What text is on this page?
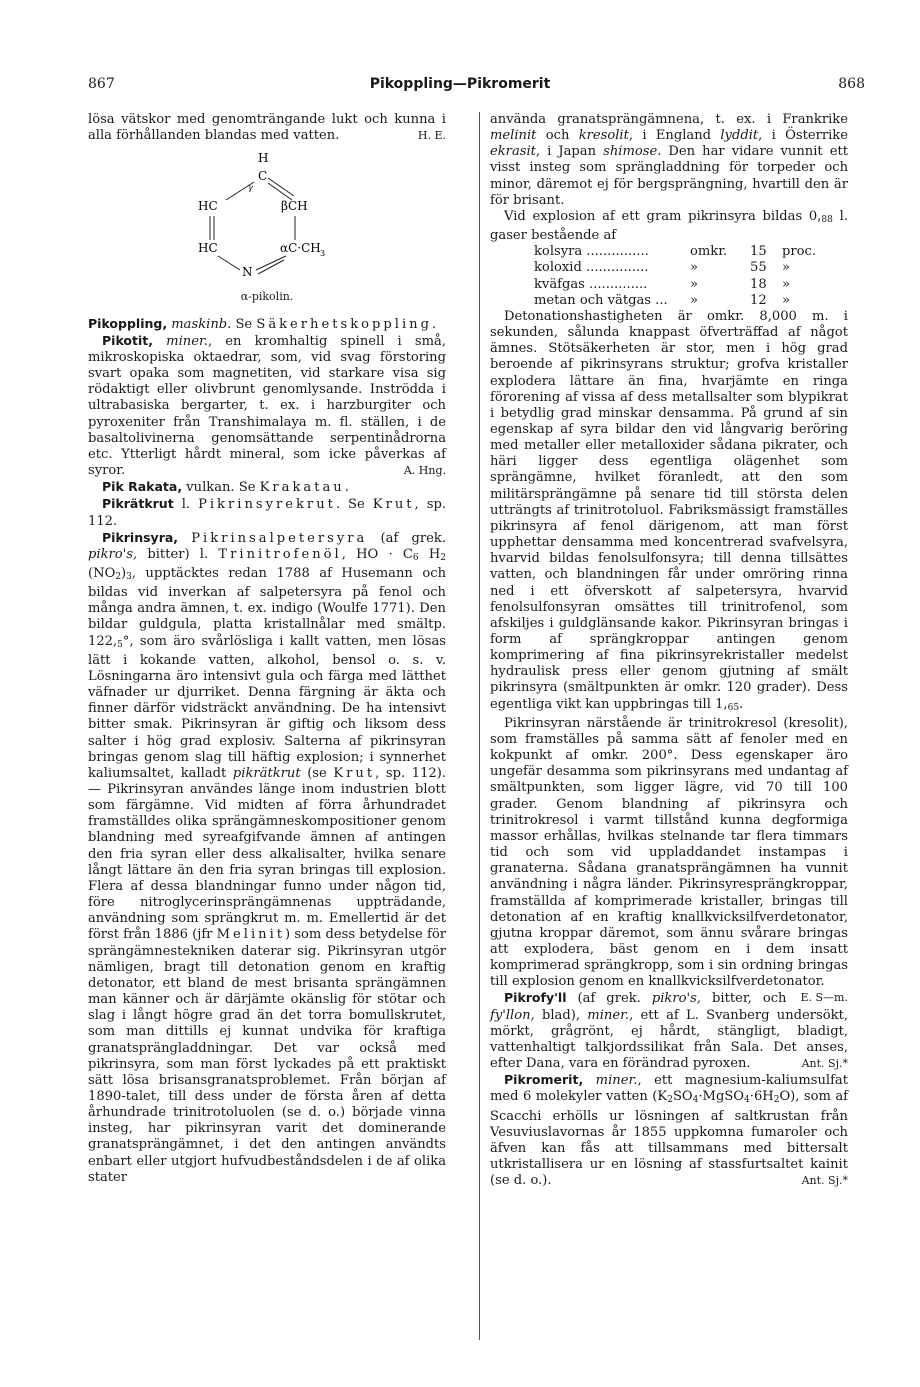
867	Pikoppling—Pikromerit	868

lösa vätskor med genomträngande lukt och kunna i alla förhållanden blandas med vatten.	H. E.

H
C
γ
HC	βCH
HC	αC·CH 3
N
α-pikolin.

Pikoppling, maskinb. Se Säkerhetskoppling.

Pikotit, miner., en kromhaltig spinell i små, mikroskopiska oktaedrar, som, vid svag förstoring svart opaka som magnetiten, vid starkare visa sig rödaktigt eller olivbrunt genomlysande. Inströdda i ultrabasiska bergarter, t. ex. i harzburgiter och pyroxeniter från Transhimalaya m. fl. ställen, i de basaltolivinerna genomsättande serpentinådrorna etc. Ytterligt hårdt mineral, som icke påverkas af syror.	A. Hng.

Pik Rakata, vulkan. Se Krakatau.

Pikrätkrut l. Pikrinsyrekrut. Se Krut, sp. 112.

Pikrinsyra, Pikrinsalpetersyra (af grek. pikro's, bitter) l. Trinitrofenöl, HO · $C_6$ $H_2$ $(NO_2)_3$, upptäcktes redan 1788 af Husemann och bildas vid inverkan af salpetersyra på fenol och många andra ämnen, t. ex. indigo (Woulfe 1771). Den bildar guldgula, platta kristallnålar med smältp. $122,_5^\circ$, som äro svårlösliga i kallt vatten, men lösas lätt i kokande vatten, alkohol, bensol o. s. v. Lösningarna äro intensivt gula och färga med lätthet väfnader ur djurriket. Denna färgning är äkta och finner därför vidsträckt användning. De ha intensivt bitter smak. Pikrinsyran är giftig och liksom dess salter i hög grad explosiv. Salterna af pikrinsyran bringas genom slag till häftig explosion; i synnerhet kaliumsaltet, kalladt pikrätkrut (se Krut, sp. 112). — Pikrinsyran användes länge inom industrien blott som färgämne. Vid midten af förra århundradet framställdes olika sprängämneskompositioner genom blandning med syreafgifvande ämnen af antingen den fria syran eller dess alkalisalter, hvilka senare långt lättare än den fria syran bringas till explosion. Flera af dessa blandningar funno under någon tid, före nitroglycerinsprängämnenas uppträdande, användning som sprängkrut m. m. Emellertid är det först från 1886 (jfr Melinit) som dess betydelse för sprängämnestekniken daterar sig. Pikrinsyran utgör nämligen, bragt till detonation genom en kraftig detonator, ett bland de mest brisanta sprängämnen man känner och är därjämte okänslig för stötar och slag i långt högre grad än det torra bomullskrutet, som man dittills ej kunnat undvika för kraftiga granatsprängladdningar. Det var också med pikrinsyra, som man först lyckades på ett praktiskt sätt lösa brisansgranatsproblemet. Från början af 1890-talet, till dess under de första åren af detta århundrade trinitrotoluolen (se d. o.) började vinna insteg, har pikrinsyran varit det dominerande granatsprängämnet, i det den antingen användts enbart eller utgjort hufvudbeståndsdelen i de af olika stater

använda granatsprängämnena, t. ex. i Frankrike melinit och kresolit, i England lyddit, i Österrike ekrasit, i Japan shimose. Den har vidare vunnit ett visst insteg som sprängladdning för torpeder och minor, däremot ej för bergsprängning, hvartill den är för brisant.

Vid explosion af ett gram pikrinsyra bildas $0,_{88}$ l. gaser bestående af

kolsyra ...............	omkr.	15	proc.
koloxid ...............	»	55	»
kväfgas ..............	»	18	»
metan och vätgas ...	»	12	»

Detonationshastigheten är omkr. 8,000 m. i sekunden, sålunda knappast öfverträffad af något ämnes. Stötsäkerheten är stor, men i hög grad beroende af pikrinsyrans struktur; grofva kristaller explodera lättare än fina, hvarjämte en ringa förorening af vissa af dess metallsalter som blypikrat i betydlig grad minskar densamma. På grund af sin egenskap af syra bildar den vid långvarig beröring med metaller eller metalloxider sådana pikrater, och häri ligger dess egentliga olägenhet som sprängämne, hvilket föranledt, att den som militärsprängämne på senare tid till största delen utträngts af trinitrotoluol. Fabriksmässigt framställes pikrinsyra af fenol därigenom, att man först upphettar densamma med koncentrerad svafvelsyra, hvarvid bildas fenolsulfonsyra; till denna tillsättes vatten, och blandningen får under omröring rinna ned i ett öfverskott af salpetersyra, hvarvid fenolsulfonsyran omsättes till trinitrofenol, som afskiljes i guldglänsande kakor. Pikrinsyran bringas i form af sprängkroppar antingen genom komprimering af fina pikrinsyrekristaller medelst hydraulisk press eller genom gjutning af smält pikrinsyra (smältpunkten är omkr. 120 grader). Dess egentliga vikt kan uppbringas till $1,_{65}$.

Pikrinsyran närstående är trinitrokresol (kresolit), som framställes på samma sätt af fenoler med en kokpunkt af omkr. 200°. Dess egenskaper äro ungefär desamma som pikrinsyrans med undantag af smältpunkten, som ligger lägre, vid 70 till 100 grader. Genom blandning af pikrinsyra och trinitrokresol i varmt tillstånd kunna degformiga massor erhållas, hvilkas stelnande tar flera timmars tid och som vid uppladdandet instampas i granaterna. Sådana granatsprängämnen ha vunnit användning i några länder. Pikrinsyresprängkroppar, framställda af komprimerade kristaller, bringas till detonation af en kraftig knallkvicksilfverdetonator, gjutna kroppar däremot, som ännu svårare bringas att explodera, bäst genom en i dem insatt komprimerad sprängkropp, som i sin ordning bringas till explosion genom en knallkvicksilfverdetonator.
E. S—m.

Pikrofy'll (af grek. pikro's, bitter, och fy'llon, blad), miner., ett af L. Svanberg undersökt, mörkt, grågrönt, ej hårdt, stängligt, bladigt, vattenhaltigt talkjordssilikat från Sala. Det anses, efter Dana, vara en förändrad pyroxen.	Ant. Sj.*

Pikromerit, miner., ett magnesium-kaliumsulfat med 6 molekyler vatten $(K_2SO_4\cdot MgSO_4\cdot 6H_2O)$, som af Scacchi erhölls ur lösningen af saltkrustan från Vesuviuslavornas år 1855 uppkomna fumaroler och äfven kan fås att tillsammans med bittersalt utkristallisera ur en lösning af stassfurtsaltet kainit (se d. o.).	Ant. Sj.*
